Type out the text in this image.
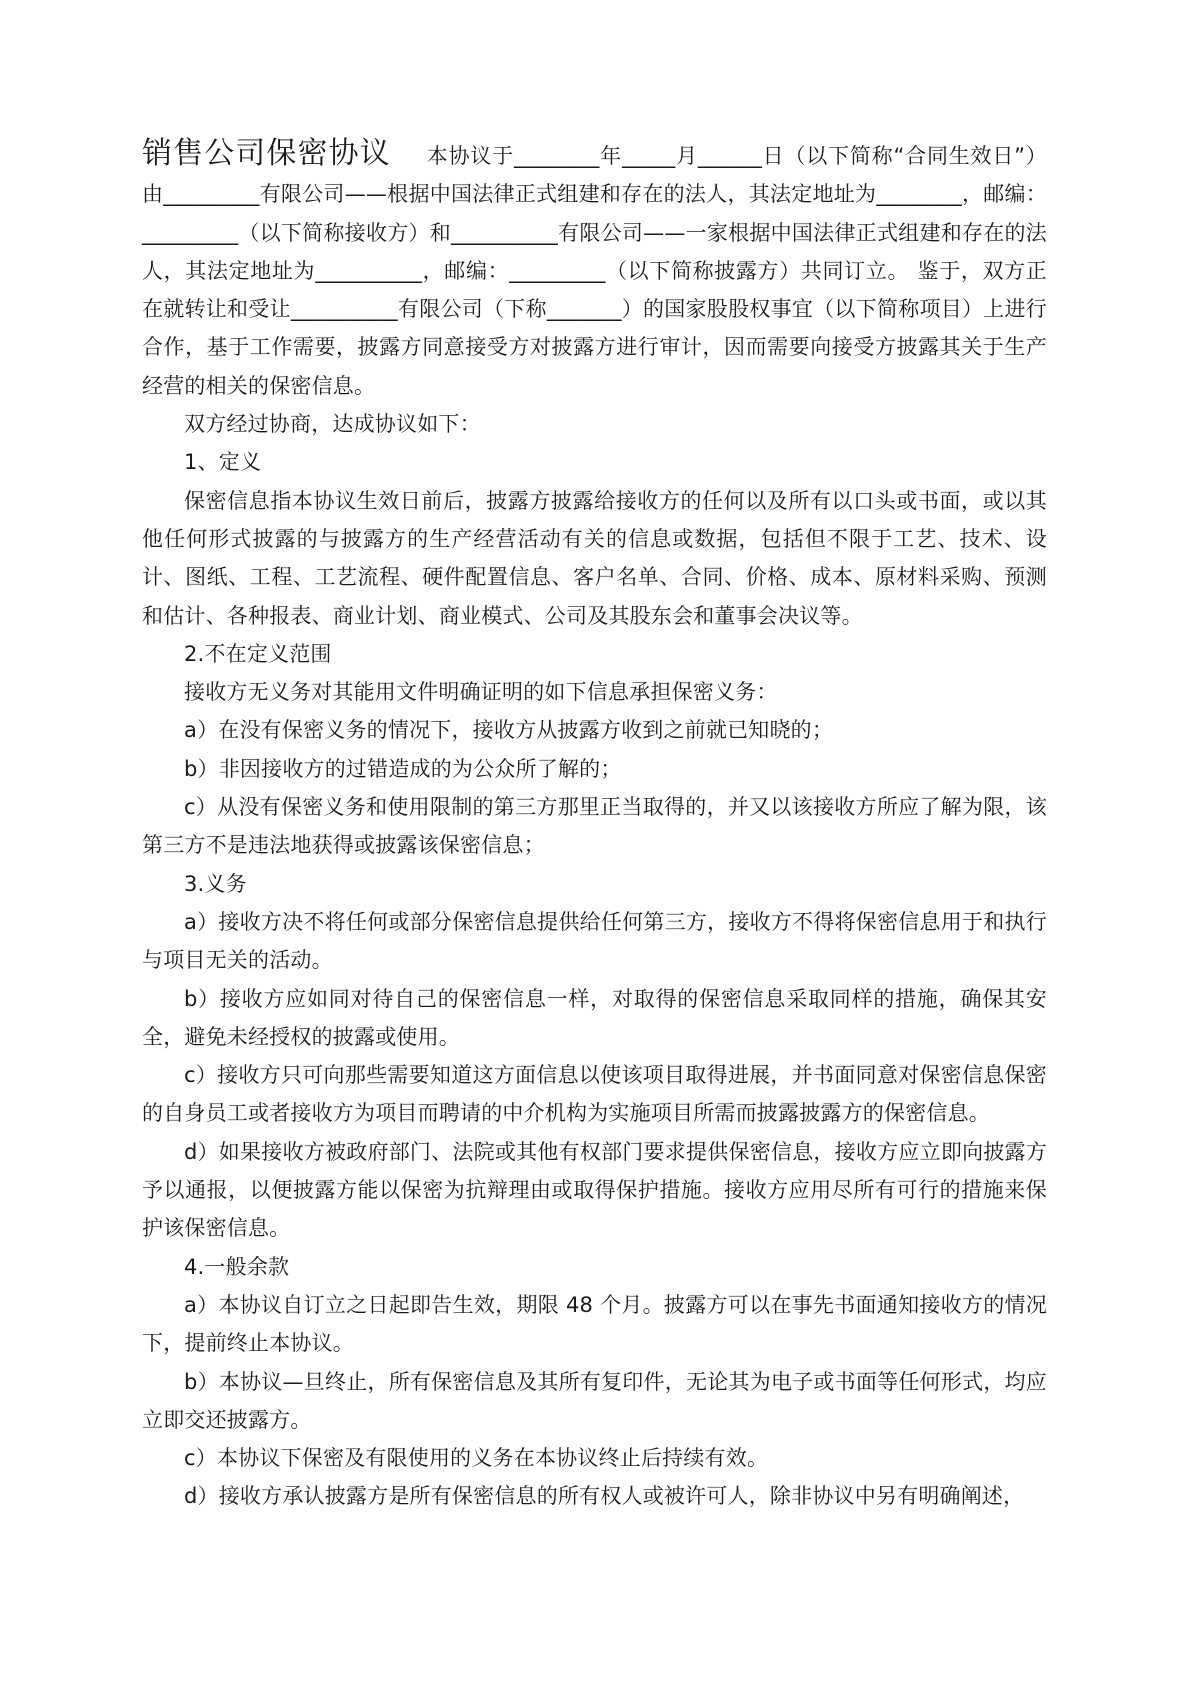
销售公司保密协议 本协议于________年_____月______日（以下简称“合同生效日”）由_________有限公司——根据中国法律正式组建和存在的法人，其法定地址为________，邮编：_________（以下简称接收方）和__________有限公司——一家根据中国法律正式组建和存在的法人，其法定地址为__________，邮编：_________（以下简称披露方）共同订立。 鉴于，双方正在就转让和受让__________有限公司（下称_______）的国家股股权事宜（以下简称项目）上进行合作，基于工作需要，披露方同意接受方对披露方进行审计，因而需要向接受方披露其关于生产经营的相关的保密信息。

双方经过协商，达成协议如下：

1、定义

保密信息指本协议生效日前后，披露方披露给接收方的任何以及所有以口头或书面，或以其他任何形式披露的与披露方的生产经营活动有关的信息或数据，包括但不限于工艺、技术、设计、图纸、工程、工艺流程、硬件配置信息、客户名单、合同、价格、成本、原材料采购、预测和估计、各种报表、商业计划、商业模式、公司及其股东会和董事会决议等。

2.不在定义范围

接收方无义务对其能用文件明确证明的如下信息承担保密义务：

a）在没有保密义务的情况下，接收方从披露方收到之前就已知晓的；

b）非因接收方的过错造成的为公众所了解的；

c）从没有保密义务和使用限制的第三方那里正当取得的，并又以该接收方所应了解为限，该第三方不是违法地获得或披露该保密信息；

3.义务

a）接收方决不将任何或部分保密信息提供给任何第三方，接收方不得将保密信息用于和执行与项目无关的活动。

b）接收方应如同对待自己的保密信息一样，对取得的保密信息采取同样的措施，确保其安全，避免未经授权的披露或使用。

c）接收方只可向那些需要知道这方面信息以使该项目取得进展，并书面同意对保密信息保密的自身员工或者接收方为项目而聘请的中介机构为实施项目所需而披露披露方的保密信息。

d）如果接收方被政府部门、法院或其他有权部门要求提供保密信息，接收方应立即向披露方予以通报，以便披露方能以保密为抗辩理由或取得保护措施。接收方应用尽所有可行的措施来保护该保密信息。

4.一般余款

a）本协议自订立之日起即告生效，期限 48 个月。披露方可以在事先书面通知接收方的情况下，提前终止本协议。

b）本协议—旦终止，所有保密信息及其所有复印件，无论其为电子或书面等任何形式，均应立即交还披露方。

c）本协议下保密及有限使用的义务在本协议终止后持续有效。

d）接收方承认披露方是所有保密信息的所有权人或被许可人，除非协议中另有明确阐述，
